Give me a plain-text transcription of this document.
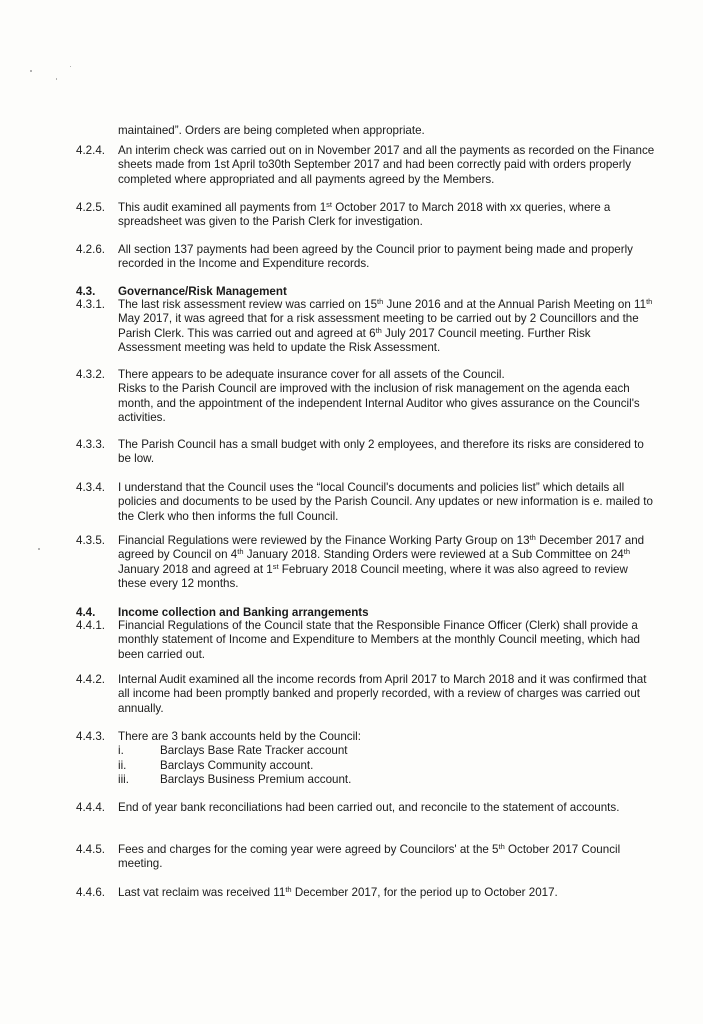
maintained”. Orders are being completed when appropriate.

4.2.4. An interim check was carried out on in November 2017 and all the payments as recorded on the Finance sheets made from 1st April to30th September 2017 and had been correctly paid with orders properly completed where appropriated and all payments agreed by the Members.

4.2.5. This audit examined all payments from 1st October 2017 to March 2018 with xx queries, where a spreadsheet was given to the Parish Clerk for investigation.

4.2.6. All section 137 payments had been agreed by the Council prior to payment being made and properly recorded in the Income and Expenditure records.

4.3. Governance/Risk Management

4.3.1. The last risk assessment review was carried on 15th June 2016 and at the Annual Parish Meeting on 11th May 2017, it was agreed that for a risk assessment meeting to be carried out by 2 Councillors and the Parish Clerk. This was carried out and agreed at 6th July 2017 Council meeting. Further Risk Assessment meeting was held to update the Risk Assessment.

4.3.2. There appears to be adequate insurance cover for all assets of the Council.

Risks to the Parish Council are improved with the inclusion of risk management on the agenda each month, and the appointment of the independent Internal Auditor who gives assurance on the Council's activities.

4.3.3. The Parish Council has a small budget with only 2 employees, and therefore its risks are considered to be low.

4.3.4. I understand that the Council uses the “local Council's documents and policies list” which details all policies and documents to be used by the Parish Council. Any updates or new information is e. mailed to the Clerk who then informs the full Council.

4.3.5. Financial Regulations were reviewed by the Finance Working Party Group on 13th December 2017 and agreed by Council on 4th January 2018. Standing Orders were reviewed at a Sub Committee on 24th January 2018 and agreed at 1st February 2018 Council meeting, where it was also agreed to review these every 12 months.

4.4. Income collection and Banking arrangements

4.4.1. Financial Regulations of the Council state that the Responsible Finance Officer (Clerk) shall provide a monthly statement of Income and Expenditure to Members at the monthly Council meeting, which had been carried out.

4.4.2. Internal Audit examined all the income records from April 2017 to March 2018 and it was confirmed that all income had been promptly banked and properly recorded, with a review of charges was carried out annually.

4.4.3. There are 3 bank accounts held by the Council:

i.	Barclays Base Rate Tracker account
ii.	Barclays Community account.
iii.	Barclays Business Premium account.
4.4.4. End of year bank reconciliations had been carried out, and reconcile to the statement of accounts.

4.4.5. Fees and charges for the coming year were agreed by Councilors' at the 5th October 2017 Council meeting.

4.4.6. Last vat reclaim was received 11th December 2017, for the period up to October 2017.
